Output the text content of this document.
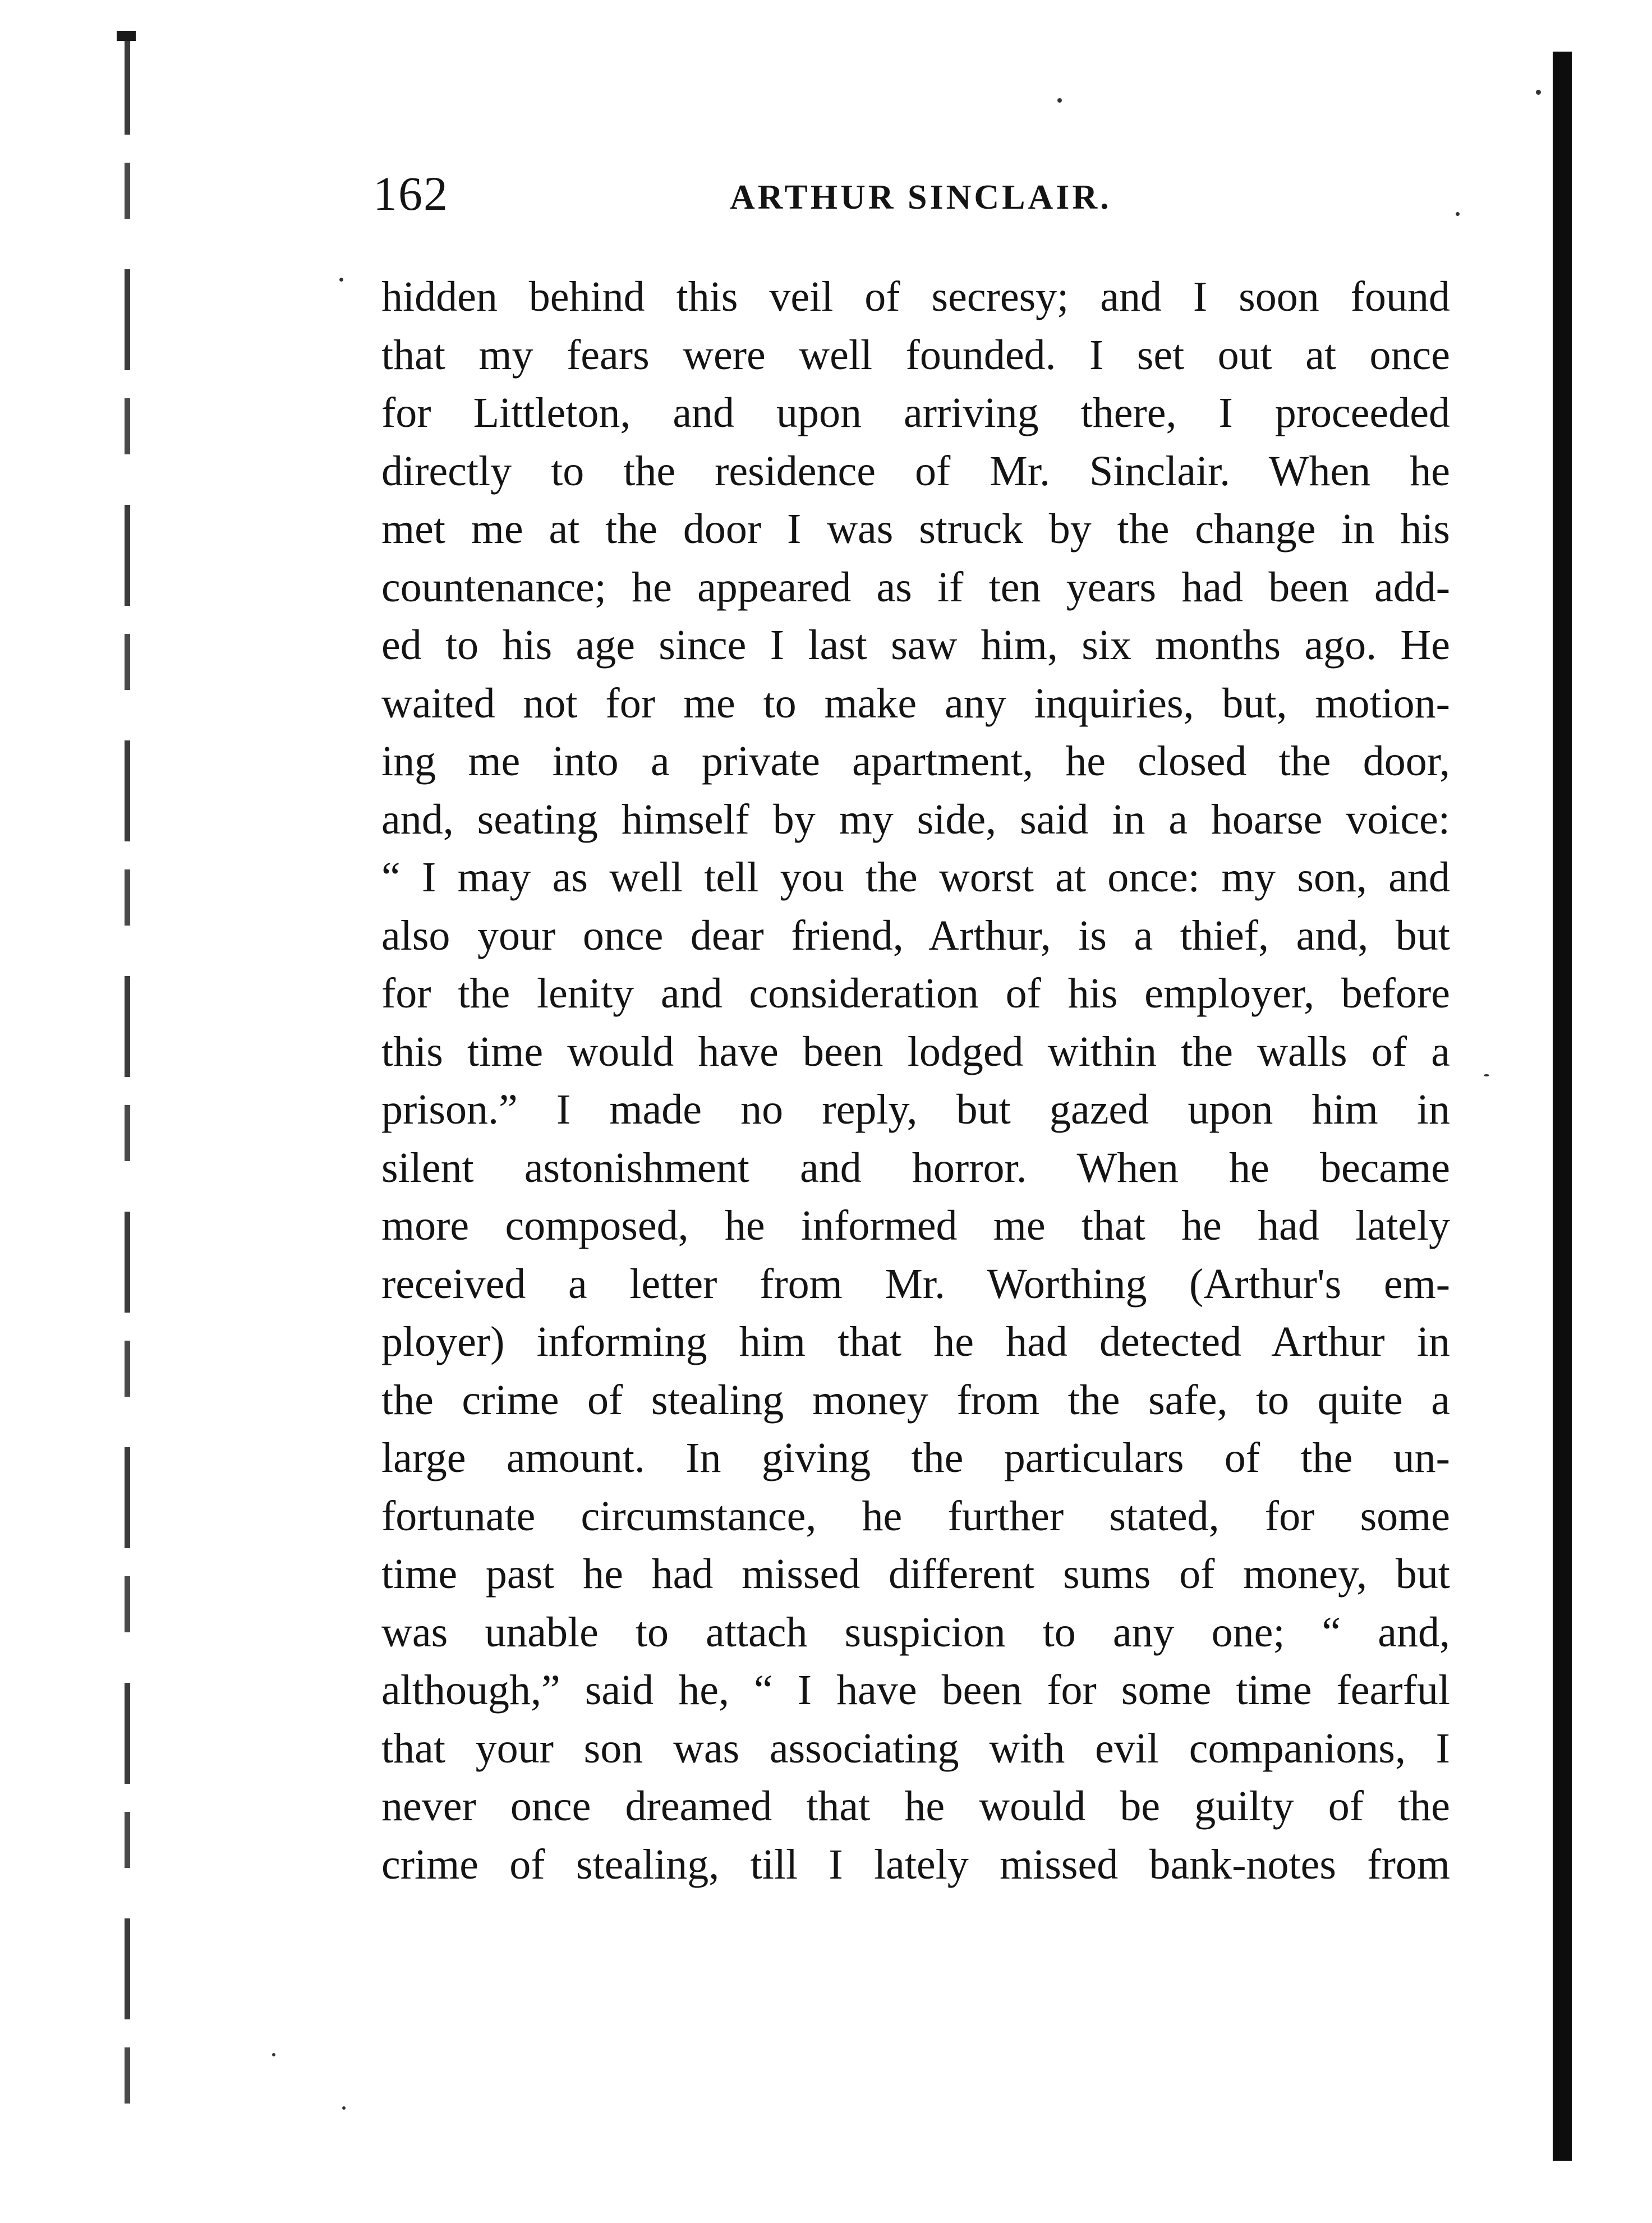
162	ARTHUR SINCLAIR.
hidden behind this veil of secresy; and I soon found
that my fears were well founded. I set out at once
for Littleton, and upon arriving there, I proceeded
directly to the residence of Mr. Sinclair. When he
met me at the door I was struck by the change in his
countenance; he appeared as if ten years had been add-
ed to his age since I last saw him, six months ago. He
waited not for me to make any inquiries, but, motion-
ing me into a private apartment, he closed the door,
and, seating himself by my side, said in a hoarse voice:
“ I may as well tell you the worst at once: my son, and
also your once dear friend, Arthur, is a thief, and, but
for the lenity and consideration of his employer, before
this time would have been lodged within the walls of a
prison.” I made no reply, but gazed upon him in
silent astonishment and horror. When he became
more composed, he informed me that he had lately
received a letter from Mr. Worthing (Arthur's em-
ployer) informing him that he had detected Arthur in
the crime of stealing money from the safe, to quite a
large amount. In giving the particulars of the un-
fortunate circumstance, he further stated, for some
time past he had missed different sums of money, but
was unable to attach suspicion to any one; “ and,
although,” said he, “ I have been for some time fearful
that your son was associating with evil companions, I
never once dreamed that he would be guilty of the
crime of stealing, till I lately missed bank-notes from
